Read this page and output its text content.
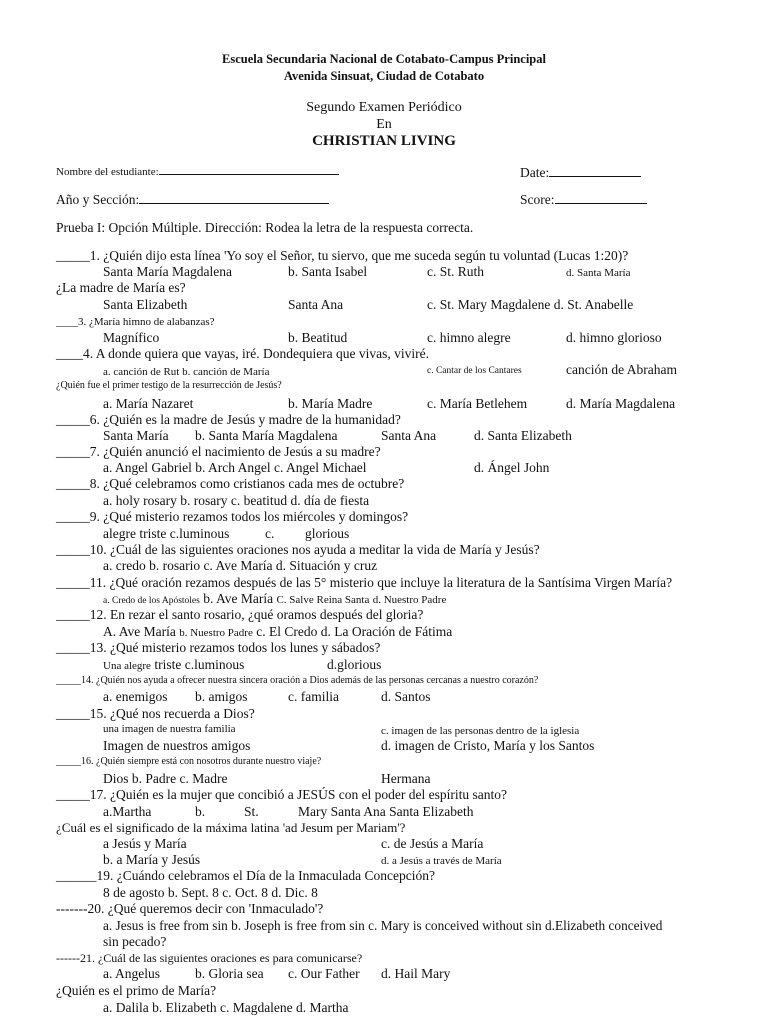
Escuela Secundaria Nacional de Cotabato-Campus Principal
Avenida Sinsuat, Ciudad de Cotabato
Segundo Examen Periódico
En
CHRISTIAN LIVING
Nombre del estudiante:	Date:
Año y Sección:	Score:
Prueba I: Opción Múltiple. Dirección: Rodea la letra de la respuesta correcta.
_____1. ¿Quién dijo esta línea 'Yo soy el Señor, tu siervo, que me suceda según tu voluntad (Lucas 1:20)?
Santa María Magdalena	b. Santa Isabel	c. St. Ruth	d. Santa María
¿La madre de María es?
Santa Elizabeth	Santa Ana	c. St. Mary Magdalene d. St. Anabelle
____3. ¿María himno de alabanzas?
Magnífico	b. Beatitud	c. himno alegre	d. himno glorioso
____4. A donde quiera que vayas, iré. Dondequiera que vivas, viviré.
a. canción de Rut b. canción de María	c. Cantar de los Cantares	canción de Abraham
¿Quién fue el primer testigo de la resurrección de Jesús?
a. María Nazaret	b. María Madre	c. María Betlehem	d. María Magdalena
_____6. ¿Quién es la madre de Jesús y madre de la humanidad?
Santa María b. Santa María Magdalena	Santa Ana	d. Santa Elizabeth
_____7. ¿Quién anunció el nacimiento de Jesús a su madre?
a. Angel Gabriel b. Arch Angel c. Angel Michael	d. Ángel John
_____8. ¿Qué celebramos como cristianos cada mes de octubre?
a. holy rosary b. rosary c. beatitud d. día de fiesta
_____9. ¿Qué misterio rezamos todos los miércoles y domingos?
alegre triste c.luminous	c. glorious
_____10. ¿Cuál de las siguientes oraciones nos ayuda a meditar la vida de María y Jesús?
a. credo b. rosario c. Ave María d. Situación y cruz
_____11. ¿Qué oración rezamos después de las 5° misterio que incluye la literatura de la Santísima Virgen María?
a. Credo de los Apóstoles b. Ave María C. Salve Reina Santa d. Nuestro Padre
_____12. En rezar el santo rosario, ¿qué oramos después del gloria?
A. Ave María b. Nuestro Padre c. El Credo d. La Oración de Fátima
_____13. ¿Qué misterio rezamos todos los lunes y sábados?
Una alegre triste c.luminous	d.glorious
_____14. ¿Quién nos ayuda a ofrecer nuestra sincera oración a Dios además de las personas cercanas a nuestro corazón?
a. enemigos b. amigos	c. familia	d. Santos
_____15. ¿Qué nos recuerda a Dios?
una imagen de nuestra familia	c. imagen de las personas dentro de la iglesia
Imagen de nuestros amigos	d. imagen de Cristo, María y los Santos
_____16. ¿Quién siempre está con nosotros durante nuestro viaje?
Dios b. Padre c. Madre	Hermana
_____17. ¿Quién es la mujer que concibió a JESÚS con el poder del espíritu santo?
a.Martha	b.	St.	Mary Santa Ana Santa Elizabeth
¿Cuál es el significado de la máxima latina 'ad Jesum per Mariam'?
a Jesús y María	c. de Jesús a María
b. a María y Jesús	d. a Jesús a través de María
______19. ¿Cuándo celebramos el Día de la Inmaculada Concepción?
8 de agosto b. Sept. 8 c. Oct. 8 d. Dic. 8
-------20. ¿Qué queremos decir con 'Inmaculado'?
a. Jesus is free from sin b. Joseph is free from sin c. Mary is conceived without sin d.Elizabeth conceived
sin pecado?
------21. ¿Cuál de las siguientes oraciones es para comunicarse?
a. Angelus	b. Gloria sea c. Our Father d. Hail Mary
¿Quién es el primo de María?
a. Dalila b. Elizabeth c. Magdalene d. Martha
